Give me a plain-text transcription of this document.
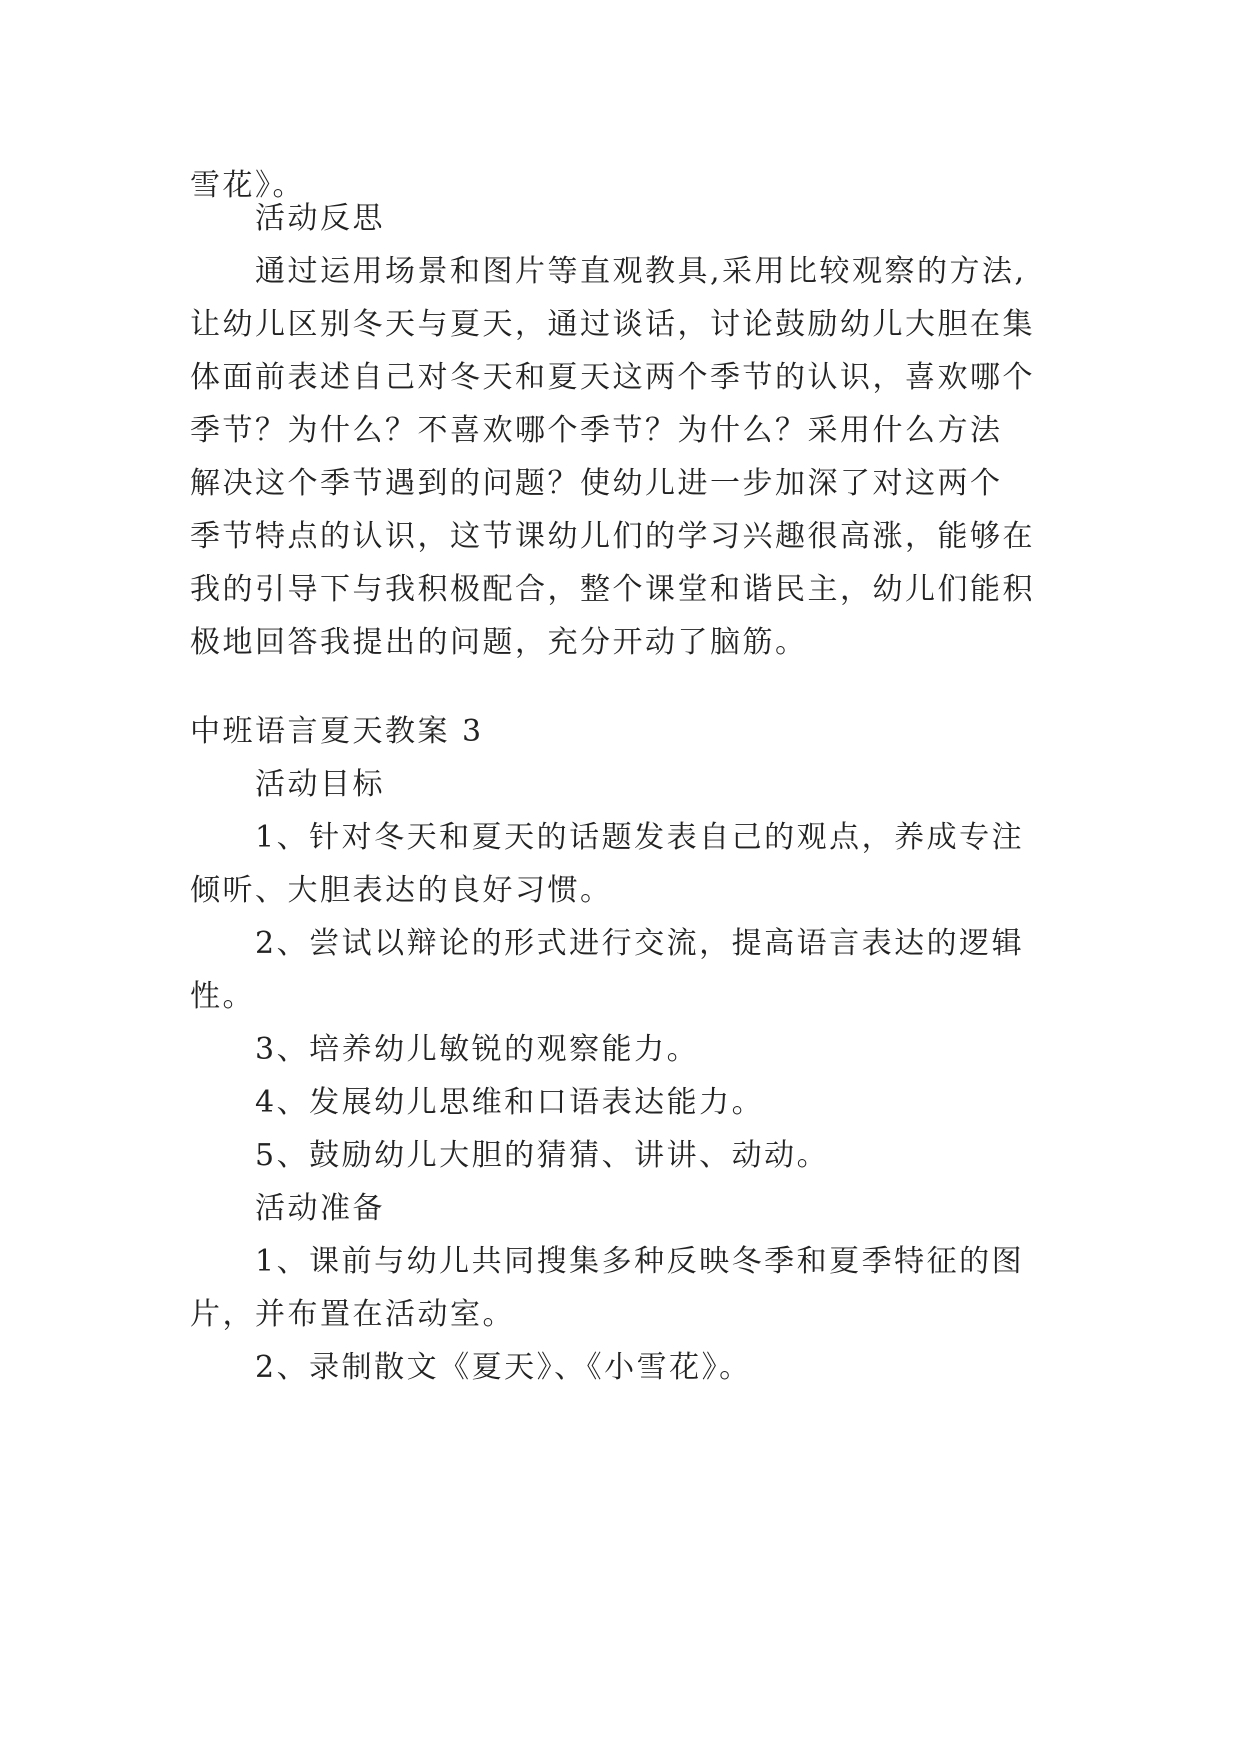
雪花》。
活动反思
通过运用场景和图片等直观教具,采用比较观察的方法,
让幼儿区别冬天与夏天，通过谈话，讨论鼓励幼儿大胆在集
体面前表述自己对冬天和夏天这两个季节的认识，喜欢哪个
季节？为什么？不喜欢哪个季节？为什么？采用什么方法
解决这个季节遇到的问题？使幼儿进一步加深了对这两个
季节特点的认识，这节课幼儿们的学习兴趣很高涨，能够在
我的引导下与我积极配合，整个课堂和谐民主，幼儿们能积
极地回答我提出的问题，充分开动了脑筋。
中班语言夏天教案 3
活动目标
1、针对冬天和夏天的话题发表自己的观点，养成专注
倾听、大胆表达的良好习惯。
2、尝试以辩论的形式进行交流，提高语言表达的逻辑
性。
3、培养幼儿敏锐的观察能力。
4、发展幼儿思维和口语表达能力。
5、鼓励幼儿大胆的猜猜、讲讲、动动。
活动准备
1、课前与幼儿共同搜集多种反映冬季和夏季特征的图
片，并布置在活动室。
2、录制散文《夏天》、《小雪花》。
